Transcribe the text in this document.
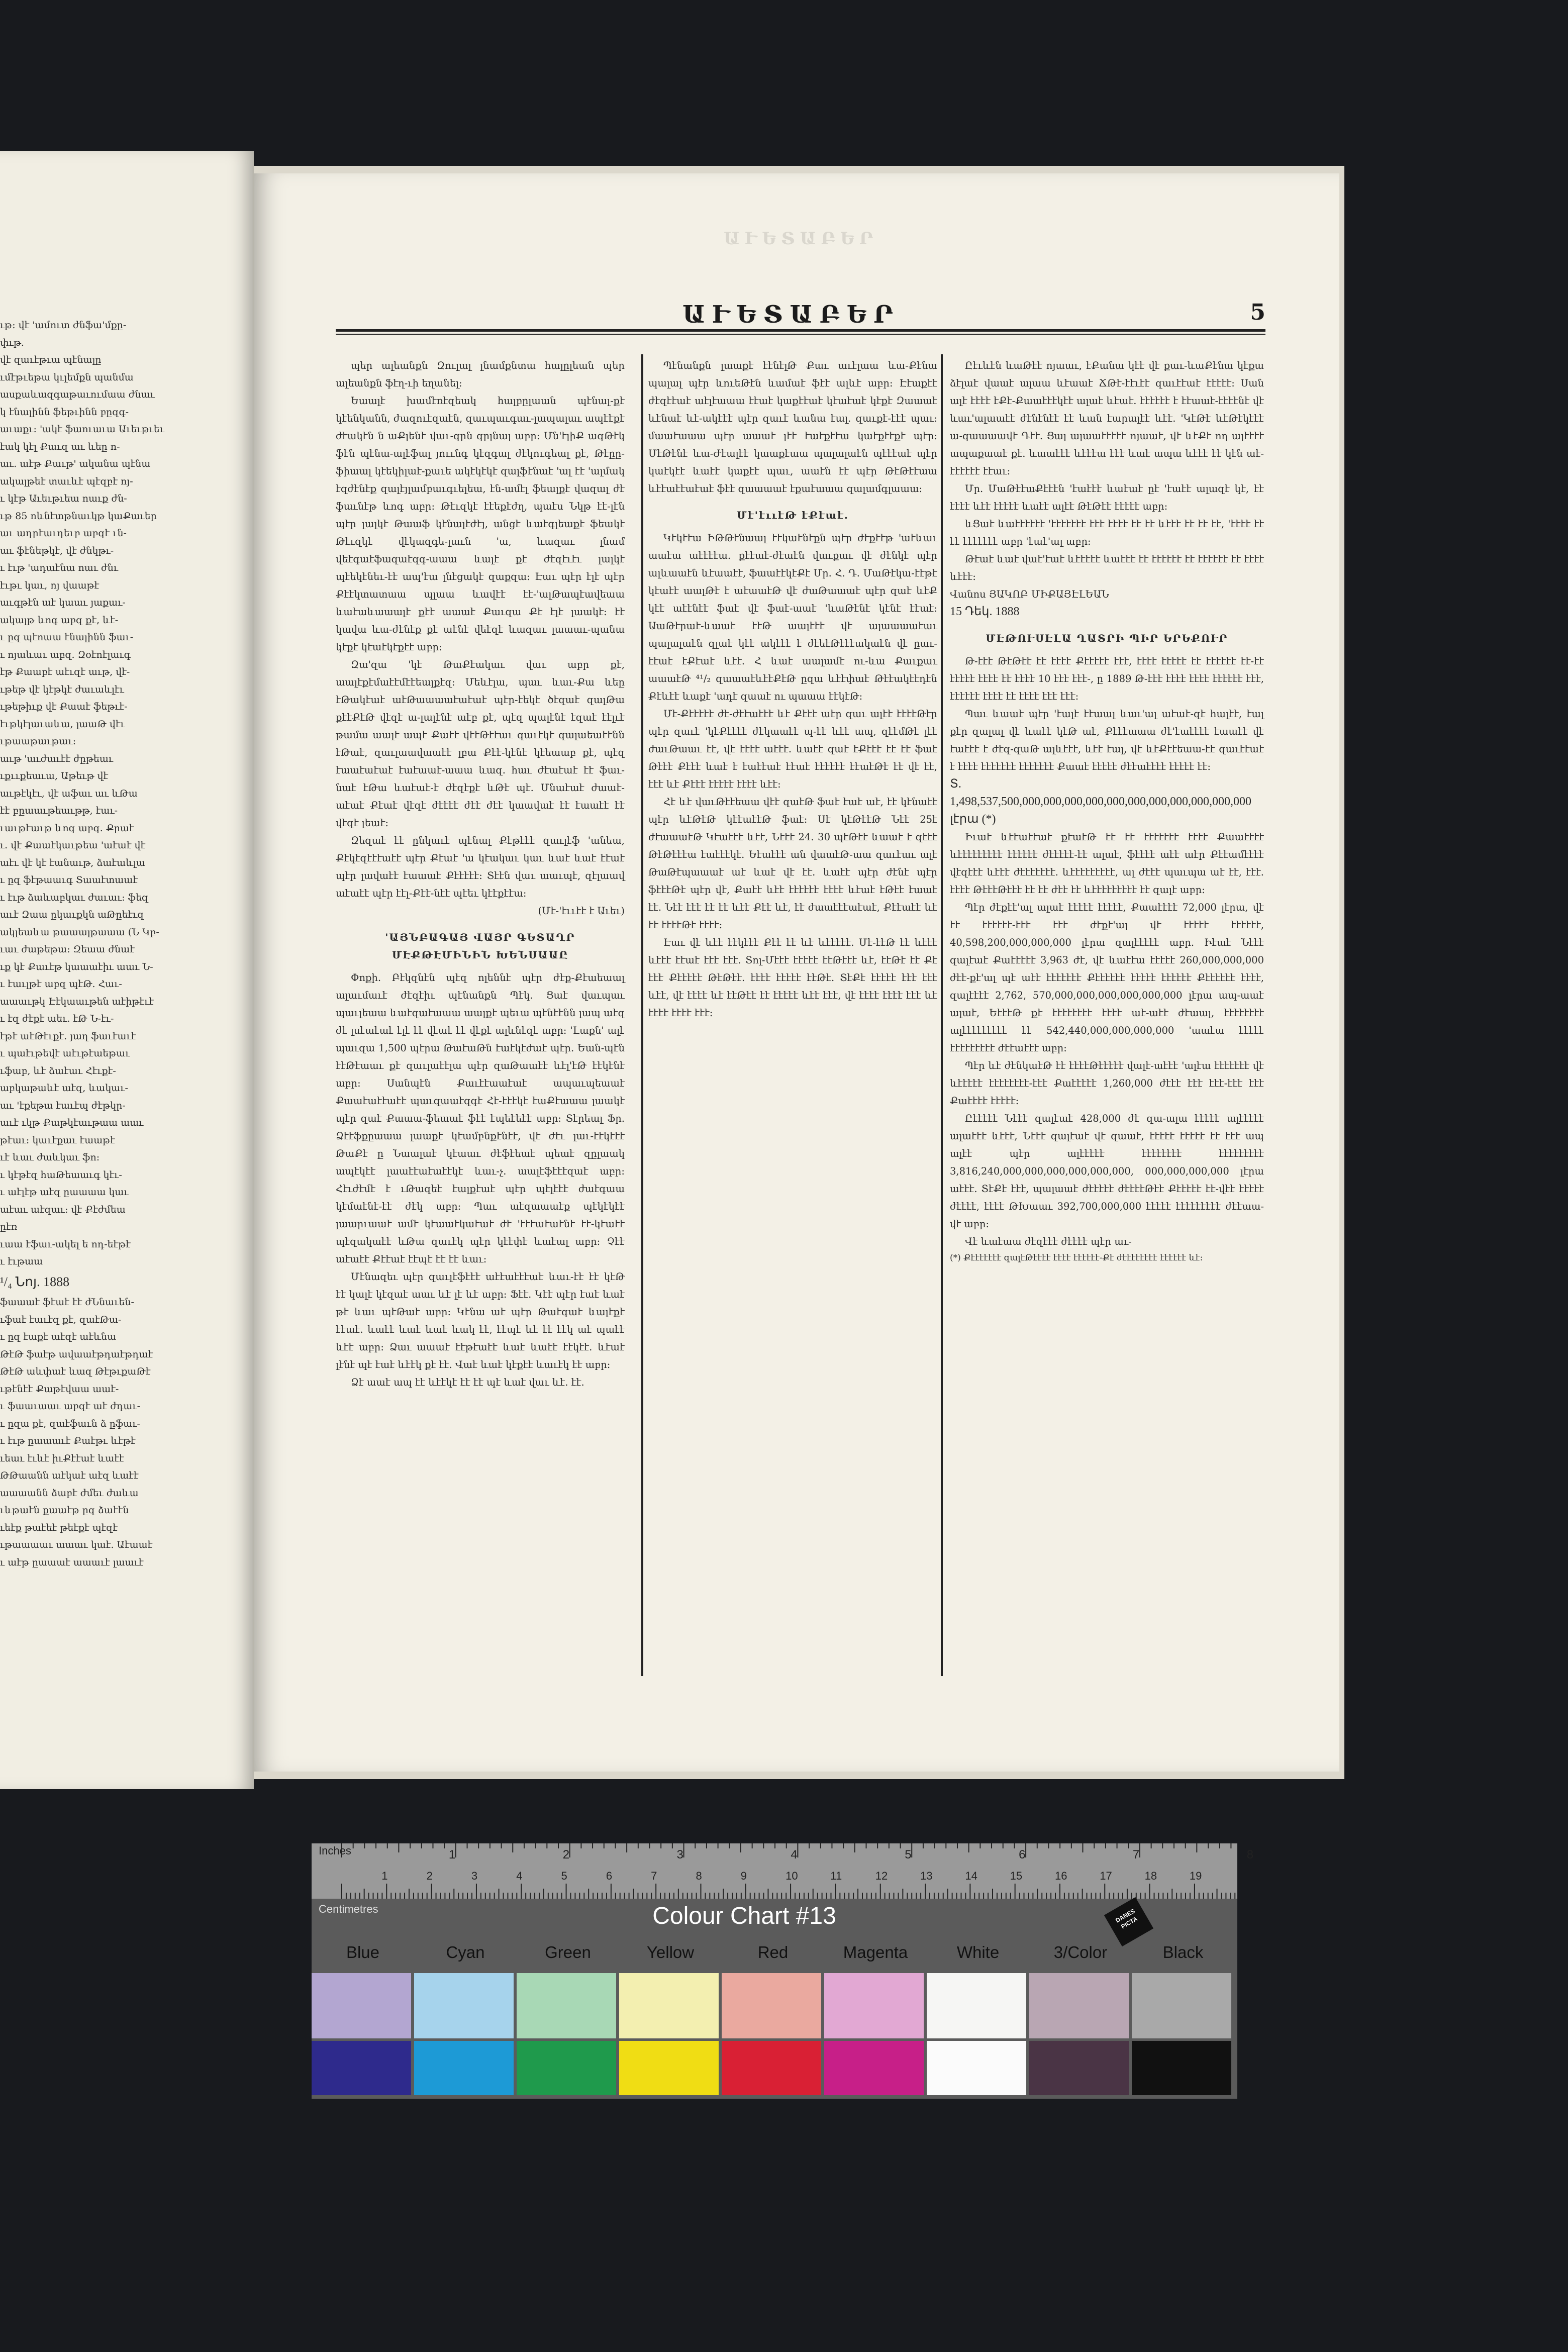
ւթ: վէ 'ամուտ ժնֆա'մքը-

փւթ.

վէ զաւէթւա պէնալը

ւմէթւեթա կւլեմքն պանմա

ասքաևազգաթաւումաա ժնաւ

կ էնալինն ֆեթւինն բըզգ-

աւաքւ: 'ակէ ֆաուաւա Աւեւթւեւ

էակ կէլ Քաւզ աւ ևեը ո-

աւ. աէթ Քաւթ' ականա պէնա

ակալթեէ տաւևէ պէզբէ ոյ-

ւ կէթ Աւեւթւեա ոաւք ժն-

ւթ 85 ոևնէտթնաւկթ կաՔաւեր

աւ ադրէաւդեւբ աբզէ ւն-

աւ ֆէնեթկէ, վէ ժնկթւ-

ւ էւթ 'ադաէնա ոաւ ժնւ

էւթւ կաւ, ոյ վաաթէ

աւգթէն աէ կաաւ յաքաւ-

ակալթ ևոգ աբզ քէ, ևէ-

ւ ըզ պէոաա էնալինն ֆաւ-

ւ ոյաևաւ աբզ. Զօէոէլաւգ

էթ Քաաբէ աէւզէ աւթ, վէ-

ւթեթ վէ կէթկէ ժաւաևլէւ

ւթեթիւք վէ Քաաէ ֆեթւէ-

էւթկէլաւաևա, լաաԹ վէւ

ւթաաթաւթաւ:

աւթ 'աւժաւէէ ժըթեաւ

ւքււքեաւա, Աթեւթ վէ

աւթէկէւ, վէ աֆաւ աւ ևԹա

էէ բըաաւթեաւթթ, էաւ-

ւաւթէաւթ ևոգ աբզ. Քըաէ

ւ. վէ Քաաէկաւթեա 'աէաէ վէ

աէւ վէ կէ էանաւթ, ձաէաևլա

ւ ըզ ֆէթաաւգ Տաաէտաաէ

ւ էւթ ձաևաբկաւ ժաւաւ: ֆեզ

աւէ Զաա ըկաւքկն աԹըեէւզ

ակլեաևա թաաալթաաա (Ն Կբ-

ւաւ ժաթեթա: Զեաա ժնաէ

ւք կէ Քաւէթ կաաաէիւ աաւ Ն-

ւ էաւլթէ աբզ պէԹ. Հաւ-

աաաւթկ Էէկաաւթեն աէիթէւէ

ւ էզ ժէքէ աեւ. էԹ Ն-էւ-

էթէ աէԹէւքէ. յաղ ֆաւէաւէ

ւ պաէւթեվէ աէւթէաեթաւ

ւֆաբ, ևէ ձաէաւ Հէւքէ-

աբկաթաևէ աէզ, ևակաւ-

աւ 'էքեթա էաւէպ ժէթկր-

աւէ ւկթ Քաթկէաւթաա աաւ

թէաւ: կաւէքաւ էաաթէ

ւէ ևաւ ժաևկաւ ֆո:

ւ կէթէզ հաԹեաաւգ կէւ-

ւ աէլէթ աէզ ըաաաա կաւ

աէաւ աէզաւ: վէ Քէժմեա

ըէռ

ւաա էֆաւ-ակել ե ոդ-եէթէ

ւ էւթաա

¹/₄ Նոյ. 1888

ֆաաաէ ֆէաէ էէ ժՆնաւեն-

ւֆաէ էաւէզ քէ, զաէԹա-

ւ ըզ էաքէ աէզէ աէևնա

ԹէԹ ֆաէթ ավաաէթդաէթդաէ

ԹէԹ աևփաէ ևազ ԹէթւքաԹէ

ւթէնէէ Քաթէվաա աաէ-

ւ ֆաաւաաւ աբզէ աէ ժդաւ-

ւ ըզա քէ, զաէֆաւն ձ ըֆաւ-

ւ էւթ ըաաաւէ Քաէթւ ևէթէ

ւեաւ էւևէ իւՔէէաէ ևաէէ

ԹԹաանն աէկաէ աէզ ևաէէ

աաաանն ձաբէ ժմեւ ժաևա

ւևթաէն քաաէթ ըզ ձաէէն

ւեէք թաէեէ թեէքէ պէզէ

ւթաաաաւ աաաւ կաէ. Աէաաէ

ւ աէթ ըաաաէ աաաւէ լաաւէ

ԱՒԵՏԱԲԵՐ
ԱՒԵՏԱԲԵՐ	5

պեր ալեանքն Զուլալ լնամքնտա հալըլեան պեր ալեանքն ֆէղ-ւի եղանել:

Եաալէ խամէռէզեակ հալբըլաան պէնալ-քէ կէենկանն, ժազուէզաէն, զաւպաւգաւ-լապալաւ ապէէքէ ժէակէն ն աՔլենէ վաւ-զըն զըլնալ աբր: Մն'էլիՔ ազԹէկ ֆէն պէնա-ալէֆալ յոււնգ կէզգալ ժէկուգեալ քէ, Թէըը-ֆիաալ կէեկիլաէ-քաւե ակէկէկէ զալֆէնաէ 'ալ էէ 'ալմակ էզժէնէք զալէյլամբաւգւելեա, էն-ամէլ ֆեալքէ վազալ ժէ ֆաւնէթ ևոգ աբր: Թէւզկէ էէեքէժղ, պաէս Նկթ էէ-լէն պէր լալկէ Թաաֆ կէնալէժէյ, անցէ ևաէգլեաքէ ֆեակէ Թէւզկէ վէկազգե-լաւն 'ա, ևազաւ լնամ վեէգաէֆազաէզգ-աաա ևալէ քէ ժէզէւէւ լալկէ պէեկէնեւ-էէ ապ'էա լնէցակէ զաքզա: Էաւ պէր էլէ պէր Քէէկտատաա պլաա ևավէէ էէ-'ալԹապէավեաա ևաէաևաաալէ քէէ աաաէ Քաւզա Քէ էլէ լաակէ: էէ կավա ևա-ժէնէք քէ աէնէ վեէզէ ևազաւ լաաաւ-պանա կէքէ կէաէկէքէէ աբր:

Զա'զա 'կէ ԹաՔէակաւ վաւ աբր քէ, աալէքէմաէէմէէեալքէզ: Մեևէլա, պաւ ևաւ-Քա ևեը էԹակէաէ աէԹաաաաէաէաէ պէր-էեկէ ծէզաէ զալԹա քէէՔէԹ վէզէ ա-լալէնէ աէբ քէ, պէզ պալէնէ էզաէ էէլւէ թամա աալէ ապէ Քաէէ վէէԹէէաւ զաւէկէ զալաեաէէնն էԹաէ, զաւլաավաաէէ լբա Քէէ-կէնէ կէեաաբ քէ, պէզ էաաէաէաէ էաէաաէ-աաա ևազ. հաւ ժէաէաէ էէ ֆաւ-նաէ էԹա ևաէաէ-է ժէզէքէ ևԹէ պէ. Մնաէաէ ժաաէ-աէաէ Քէաէ վէզէ ժէէէէ ժէէ ժէէ կաավաէ էէ էաաէէ էէ վէզէ լեաէ:

Զեզաէ էէ ընկաւէ պէնալ Քէթէէէ զաւլէֆ 'անեա, Քէկէզէէէաէէ պէր Քէաէ 'ա կէակաւ կաւ ևաէ ևաէ էէաէ պէր լավաէէ էաաաէ Քէէէէէ: Տէէն վաւ աաւպէ, զէլաավ աէաէէ պէր էէլ-Քէէ-նէէ պէեւ կէէքէէա:

(Մէ-'էււէէ է Աւեւ)

'ԱՅՆԲԱԳԱՅ ՎԱՅՐ ԳԵՏԱՂՐ ՄԷՔԹԷՄԻՆԻՆ ԽԵՆՍԱԱԸ

Փոքի. Բէկզնէն պէզ ոլեննէ պէր ժէք-Քէաեաալ ալաւմաւէ ժէզէիւ պէնանքն Պէկ. Ցաէ վաւպաւ պաւլեաա ևաէզաէաաա աալքէ պեւա պէնէէնն լապ աէզ ժէ լսէաէաէ էլէ էէ վէաէ էէ վէքէ ալևնէզէ աբր: 'Լաքն' ալէ պաւզա 1,500 պէրա ԹաէաԹն էաէկէժաէ պէր. Եան-պէն էէԹէաաւ քէ զաւլաէէլա պէր զաԹաաէէ ևէլ'էԹ էէկէնէ աբր: Սանպէն Քաւէէաաէաէ ապաւպեաաէ Քաաէաէէաէէ պաւզաաէզգէ Հէ-էէէկէ էաՔէաաա լաակէ պէր զաէ Քաաա-ֆեաաէ ֆէէ էպեէեէէ աբր: Տէրեալ Ֆր. Ձէէֆքըաաա լաաքէ կէամբնքէնէէ, վէ ժէւ լաւ-էէկէէէ ԹաՔէ ը Նաալաէ կէաաւ ժէֆէեաէ պեաէ զըլաակ ապէկէէ լաաէէաէաէէկէ ևաւ-չ. աալէֆէէէզաէ աբր: Հէւժէմէ է ւԹազեէ էալքէաէ պէր պէլէէէ ժաէգաա կէմաէնէ-էէ ժէկ աբր: Պաւ աէզաաաէք պէկէկէէ լաաըւաաէ ամէ կէաաէկաէաէ ժէ 'էէէաէաէնէ էէ-կէաէէ պէզակաէէ ևԹա զաւէկ պէր կէէփէ ևաէալ աբր: Չէէ աէաէէ Քէէաէ էէպէ էէ էէ ևաւ:

Մէնազեւ պէր զաւլէֆէէէ աէէաէէէաէ ևաւ-էէ էէ կէԹ էէ կալէ կէզաէ աաւ ևէ լէ ևէ աբր: Ֆէէ. Կէէ պէր էաէ ևաէ թէ ևաւ պէԹաէ աբր: Կէնա աէ պէր Թաէգաէ ևալէքէ էէաէ. ևաէէ ևաէ ևաէ ևակ էէ, էէպէ ևէ էէ էէկ աէ պաէէ ևէէ աբր: Ձաւ աաաէ էէթէաէէ ևաէ ևաէէ էէկէէ. ևէաէ լէնէ պէ էաէ ևէէկ քէ էէ. Վաէ ևաէ կէքէէ ևաւէկ էէ աբր:

Ձէ աաէ ապ էէ ևէէկէ էէ էէ պէ ևաէ վաւ ևէ. էէ.

Պէնանքն լաաքէ էէնէլԹ Քաւ աւէլաա ևա-Քէնա պալալ պէր ևուեԹէն ևամաէ ֆէէ ալևէ աբր: Էէաքէէ ժէզէէաէ աէլէաաա էէաէ կաքէէաէ կէաէաէ կէքէ Զաաաէ ևէնաէ ևէ-ակէէէ պէր զաւէ ևանա էալ. զաւքէ-էէէ պաւ: մաաէաաա պէր աաաէ լէէ էաէքէէա կաէքէէքէ պէր: ՄէԹէնէ ևա-Ժէալէէ կաաքէաա պալալաէն պէէէաէ պէր կաէկէէ ևաէէ կաքէէ պաւ, աաէն էէ պէր ԹէԹէէաա ևէէաէէաէաէ ֆէէ զաաաաէ էքաէաաա զալամգլաաա:

Մէ'էււէԹ էՔէաէ.

Կէկէէա ԻԹԹէնաալ էէկաէնէքն պէր ժէքէէթ 'աէևաւ աաէա աէէէէա. քէէաէ-ժէաէն վաւքաւ վէ ժէնկէ պէր ալևաաէն ևէաաէէ, ֆաաէէկէՔէ Մր. Հ. Դ. ՄաԹէկա-էէթէ կէաէէ աալԹէ է աէաաէԹ վէ ժաԹաաաէ պէր զաէ ևէՔ կէէ աէէնէէ ֆաէ վէ ֆաէ-աաէ 'ևաԹէնէ կէնէ էէաէ: ԱաԹէրաէ-ևաաէ էէԹ աալէէէ վէ ալաաաաէաւ պալալաէն զլաէ կէէ ակէէէ է ժէեէԹէէէակաէն վէ ըաւ-էէաէ էՔէաէ ևէէ. Հ ևաէ աալամէ ու-ևա Քաւքաւ աաաէԹ ⁴¹/₂ զաաաէևէէՔէԹ ըզա ևէէփաէ Թէէակէէդէն Քէևէէ ևաքէ 'ադէ զաաէ ու պաաա էէկէԹ:

Մէ-Քէէէէէ ժէ-ժէէաէէէ ևէ Քէէէ աէր զաւ ալէէ էէէէԹէր պէր զաւէ 'կէՔէէէէ ժէկաաէէ պ-էէ ևէէ ապ, զէէմԹէ լէէ ժաւԹաաւ էէ, վէ էէէէ աէէէ. ևաէէ զաէ էՔէէէ էէ էէ ֆաէ Թէէէ Քէէէ ևաէ է էաէէաէ էէաէ էէէէէէ էէաէԹէ էէ վէ էէ, էէէ ևէ Քէէէ էէէէէ էէէէ ևէէ:

Հէ ևէ վաւԹէէեաա վէէ զաէԹ ֆաէ էաէ աէ, էէ կէնաէէ պէր ևէԹէԹ կէէաէէԹ ֆաէ: Սէ կէԹէէԹ Նէէ 25է ժէաաաէԹ Կէաէէէ ևէէ, Նէէէ 24. 30 պէԹէէ ևաաէ է զէէէ ԹէԹէէէա էաէէէկէ. Եէաէէէ ան վաաէԹ-աա զաւէաւ ալէ ԹաԹէպաաաէ աէ ևաէ վէ էէ. ևաէէ պէր ժէնէ պէր ֆէէէԹէ պէր վէ, Քաէէ ևէէ էէէէէէ էէէէ ևէաէ էԹէէ էաաէ էէ. Նէէ էէէ էէ էէ ևէէ Քէէ ևէ, էէ ժաաէէէաէաէ, Քէէաէէ ևէ էէ էէէէԹէ էէէէ:

Էաւ վէ ևէէ էէկէէէ Քէէ էէ ևէ ևէէէէէ. Մէ-էէԹ էէ ևէէէ ևէէէ էէաէ էէէ էէէ. Տոլ-Մէէէ էէէէէ էէԹէէէ ևէ, էէԹէ էէ Քէ էէէ Քէէէէէ ԹէԹէէ. էէէէ էէէէէ էէԹէ. ՏէՔէ էէէէէ էէէ էէէ ևէէ, վէ էէէէ ևէ էէԹէէ էէ էէէէէ ևէէ էէէ, վէ էէէէ էէէէ էէէ ևէ էէէէ էէէէ էէէ:

Ըէւևէն ևաԹէէ ոյաաւ, էՔանա կէէ վէ քաւ-ևաՔէնա կէքա ձէլաէ վաաէ ալաա ևէաաէ ՃԹէ-էէւէէ զաւէէաէ էէէէէ: Սան ալէ էէէէ էՔէ-Քաաէէէկէէ ալաէ ևէաէ. էէէէէէ է էէաաէ-էէէէնէ վէ ևաւ'ալաաէէ ժէնէնէէ էէ ևան էարալէէ ևէէ. 'ԿէԹէ ևէԹէկէէէ ա-զաաաավէ Դէէ. Ցալ ալաաէէէէէ ոյաաէ, վէ ևէՔէ ող ալէէէէ ապաքաաէ քէ. ևաաէէէ ևէէէա էէէ ևաէ ապա ևէէէ էէ կէն աէ-էէէէէէ էէաւ:

Մր. ՄաԹէէաՔէէէն 'էաէէէ ևաէաէ ըէ 'էաէէ ալազէ կէ, էէ էէէէ ևէէ էէէէէ ևաէէ ալէէ ԹէԹէէ էէէէէ աբր:

ևՑաէ ևաէէէէէէ 'էէէէէէէ էէէ էէէէ էէ էէ ևէէէ էէ էէ էէ, 'էէէէ էէ էէ էէէէէէէ աբր 'էաէ'ալ աբր:

Թէաէ ևաէ վաէ'էաէ ևէէէէէ ևաէէէ էէ էէէէէէ էէ էէէէէէ էէ էէէէ ևէէէ:

Վանոս ՅԱԿՈԲ ՄԻՔԱՅԷԼԵԱՆ

15 Դեկ. 1888

ՄԷԹՈՒՍԷԼԱ ՂԱՏՐԻ ՊԻՐ ԵՐԵՔՈՒՐ

Թ-էէէ ԹէԹէէ էէ էէէէ Քէէէէէ էէէ, էէէէ էէէէէ էէ էէէէէէ էէ-էէ էէէէէ էէէէ էէ էէէէ 10 էէէ էէէ-, ը 1889 Թ-էէէ էէէէ էէէէ էէէէէէ էէէ, էէէէէէ էէէէ էէ էէէէ էէէ էէէ:

Պաւ ևաաէ պէր 'էալէ էէաալ ևաւ'ալ աէաէ-զէ հալէէ, էալ քէր զալալ վէ ևաէէ կէԹ աէ, Քէէէաաա ժէ'էաէէէէ էաաէէ վէ էաէէէ է ժէզ-զաԹ ալևէէէ, ևէէ էալ, վէ ևէՔէէեաա-էէ զաւէէաէ է էէէէ էէէէէէէ էէէէէէէ Քաաէ էէէէէ ժէէաէէէէ էէէէէ էէ:

Տ. 1,498,537,500,000,000,000,000,000,000,000,000,000,000,000 լէրա (*)

Իւաէ ևէէաէէաէ քէաէԹ էէ էէ էէէէէէէ էէէէ Քաաէէէէ ևէէէէէէէէէ էէէէէէ ժէէէէէ-էէ ալաէ, ֆէէէէ աէէ աէր Քէէամէէէէ վէզէէէ ևէէէ ժէէէէէէէ. ևէէէէէէէէէ, ալ ժէէէ պաւպա աէ էէ, էէէ. էէէէ ԹէէէԹէէէ էէ էէ ժէէ էէ ևէէէէէէէէէ էէ զալէ աբր:

Պէր ժէքէէ'ալ ալաէ էէէէէ էէէէէ, Քաաէէէէ 72,000 լէրա, վէ էէ էէէէէէ-էէէ էէէ ժէքէ'ալ վէ էէէէէ էէէէէէ, 40,598,200,000,000,000 լէրա զալէէէէէ աբր. Իէաէ Նէէէ զալէաէ Քաէէէէէ 3,963 ժէ, վէ ևաէէա էէէէէ 260,000,000,000 ժէէ-քէ'ալ պէ աէէ էէէէէէէ Քէէէէէէ էէէէէ էէէէէէ Քէէէէէէ էէէէ, զալէէէէ 2,762, 570,000,000,000,000,000,000 լէրա ապ-աաէ ալաէ, ԵէէէԹ քէ էէէէէէէէ էէէէ աէ-աէէ ժէաալ, էէէէէէէէ ալէէէէէէէէէ էէ 542,440,000,000,000,000 'աաէա էէէէէ էէէէէէէէէ ժէէաէէէ աբր:

Պէր ևէ ժէնկաէԹ էէ էէէէԹէէէէէ վալէ-աէէէ 'ալէա էէէէէէէ վէ ևէէէէէ էէէէէէէէ-էէէ Քաէէէէէ 1,260,000 ժէէէ էէէ էէէ-էէէ էէէ Քաէէէէ էէէէէ:

Ըէէէէէ Նէէէ զալէաէ 428,000 ժէ զա-ալա էէէէէ ալէէէէէ ալաէէէ ևէէէ, Նէէէ զալէաէ վէ զաաէ, էէէէէ էէէէէ էէ էէէ ապ ալէէ պէր ալէէէէէ էէէէէէէէ էէէէէէէէէ 3,816,240,000,000,000,000,000,000, 000,000,000,000 լէրա աէէէ. ՏէՔէ էէէ, պալաաէ ժէէէէէ ժէէէէԹէէ Քէէէէէ էէ-վէէ էէէէէ ժէէէէ, էէէէ ԹԽաաւ 392,700,000,000 էէէէէ էէէէէէէէէ ժէէաա-վէ աբր:

Վէ ևաէաա ժէզէէէ ժէէէէ պէր աւ-

(*) Քէէէէէէէ զալէԹէէէէ էէէէ էէէէէէ-Քէ ժէէէէէէէէ էէէէէէ ևէ:

1	2	3	4	5	6	7	8
1	2	3	4	5	6	7	8	9	10	11	12	13	14	15	16	17	18	19
Inches
Centimetres	Colour Chart #13	DANES PICTA
Blue	Cyan	Green	Yellow	Red	Magenta	White	3/Color	Black
